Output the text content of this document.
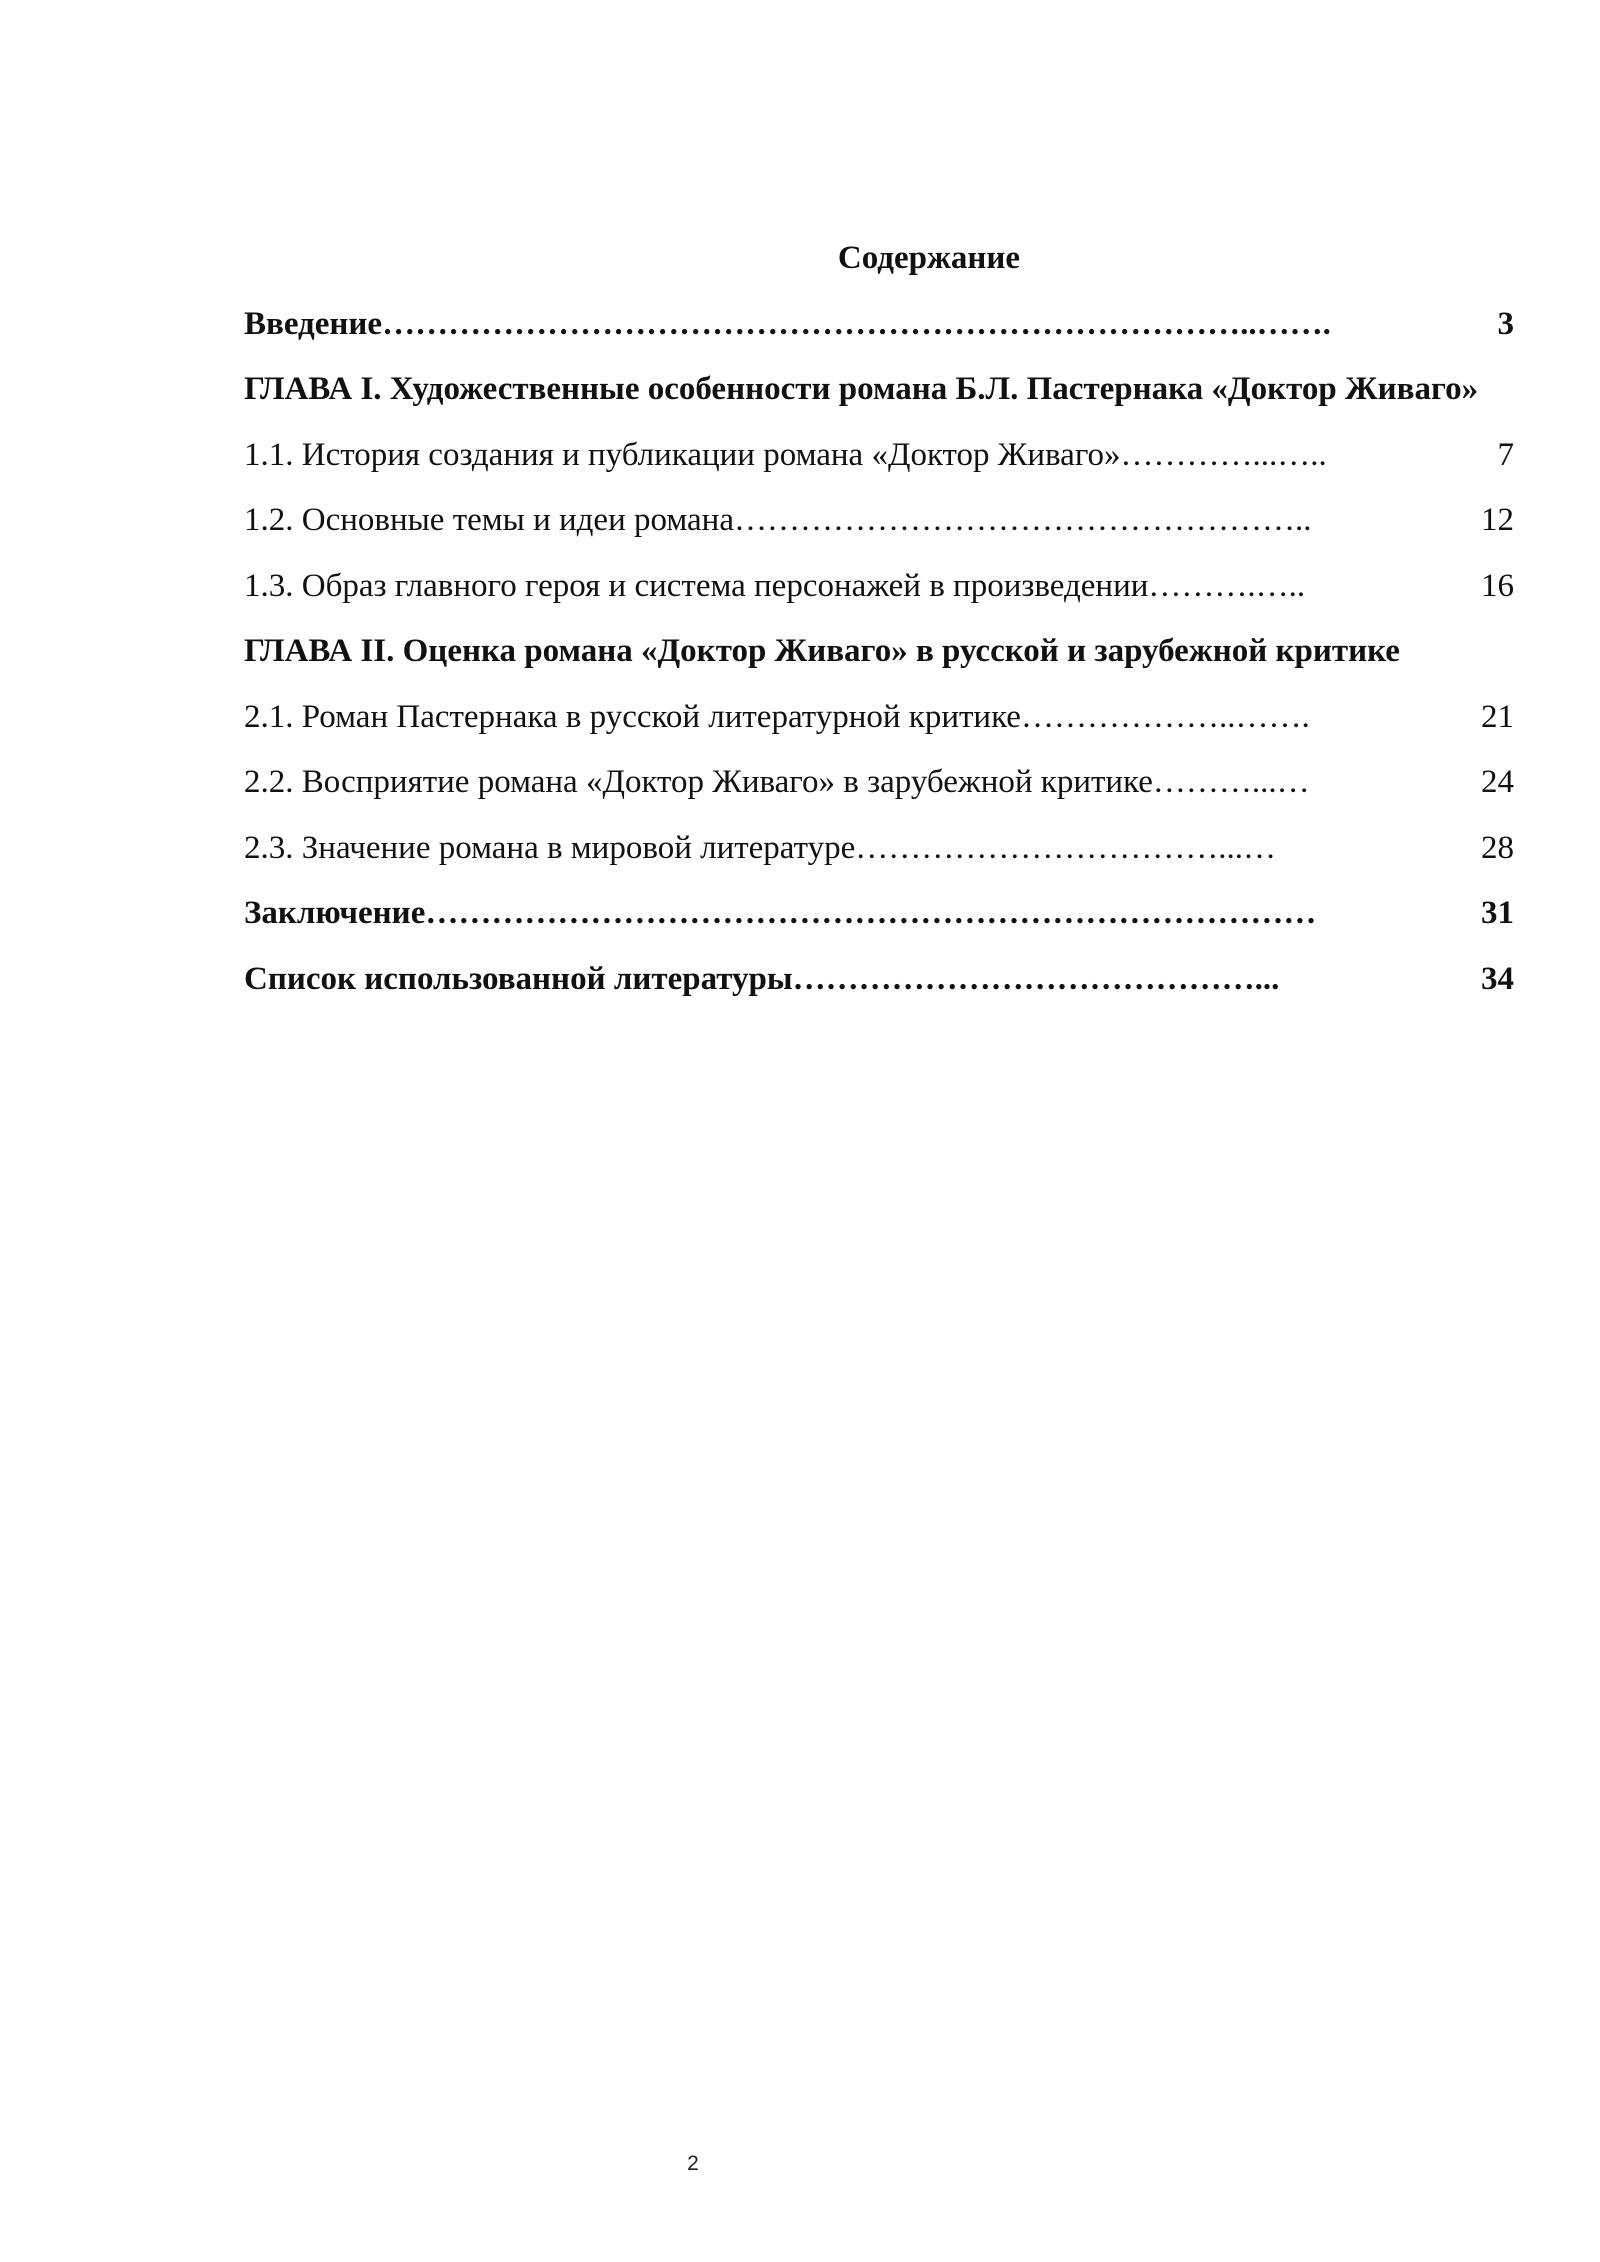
Содержание
Введение ……………………………………………………………………..…….	3
ГЛАВА I. Художественные особенности романа Б.Л. Пастернака «Доктор Живаго»
1.1. История создания и публикации романа «Доктор Живаго» …………...…..	7
1.2. Основные темы и идеи романа ……………………………………………..	12
1.3. Образ главного героя и система персонажей в произведении ……….…..	16
ГЛАВА II. Оценка романа «Доктор Живаго» в русской и зарубежной критике
2.1. Роман Пастернака в русской литературной критике ………………..…….	21
2.2. Восприятие романа «Доктор Живаго» в зарубежной критике ………...…	24
2.3. Значение романа в мировой литературе ……………………………...…	28
Заключение ………………………………………………………………………	31
Список использованной литературы ……………………………………...	34
2
